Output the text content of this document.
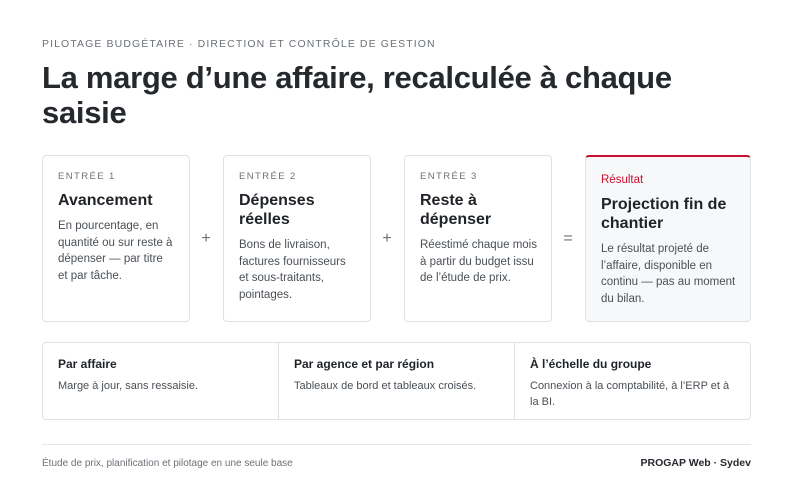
PILOTAGE BUDGÉTAIRE · DIRECTION ET CONTRÔLE DE GESTION
La marge d’une affaire, recalculée à chaque saisie
ENTRÉE 1
Avancement
En pourcentage, en quantité ou sur reste à dépenser — par titre et par tâche.
+
ENTRÉE 2
Dépenses réelles
Bons de livraison, factures fournisseurs et sous-traitants, pointages.
+
ENTRÉE 3
Reste à dépenser
Réestimé chaque mois à partir du budget issu de l’étude de prix.
=
Résultat
Projection fin de chantier
Le résultat projeté de l’affaire, disponible en continu — pas au moment du bilan.
Par affaire
Marge à jour, sans ressaisie.
Par agence et par région
Tableaux de bord et tableaux croisés.
À l’échelle du groupe
Connexion à la comptabilité, à l’ERP et à la BI.
Étude de prix, planification et pilotage en une seule base	PROGAP Web · Sydev
